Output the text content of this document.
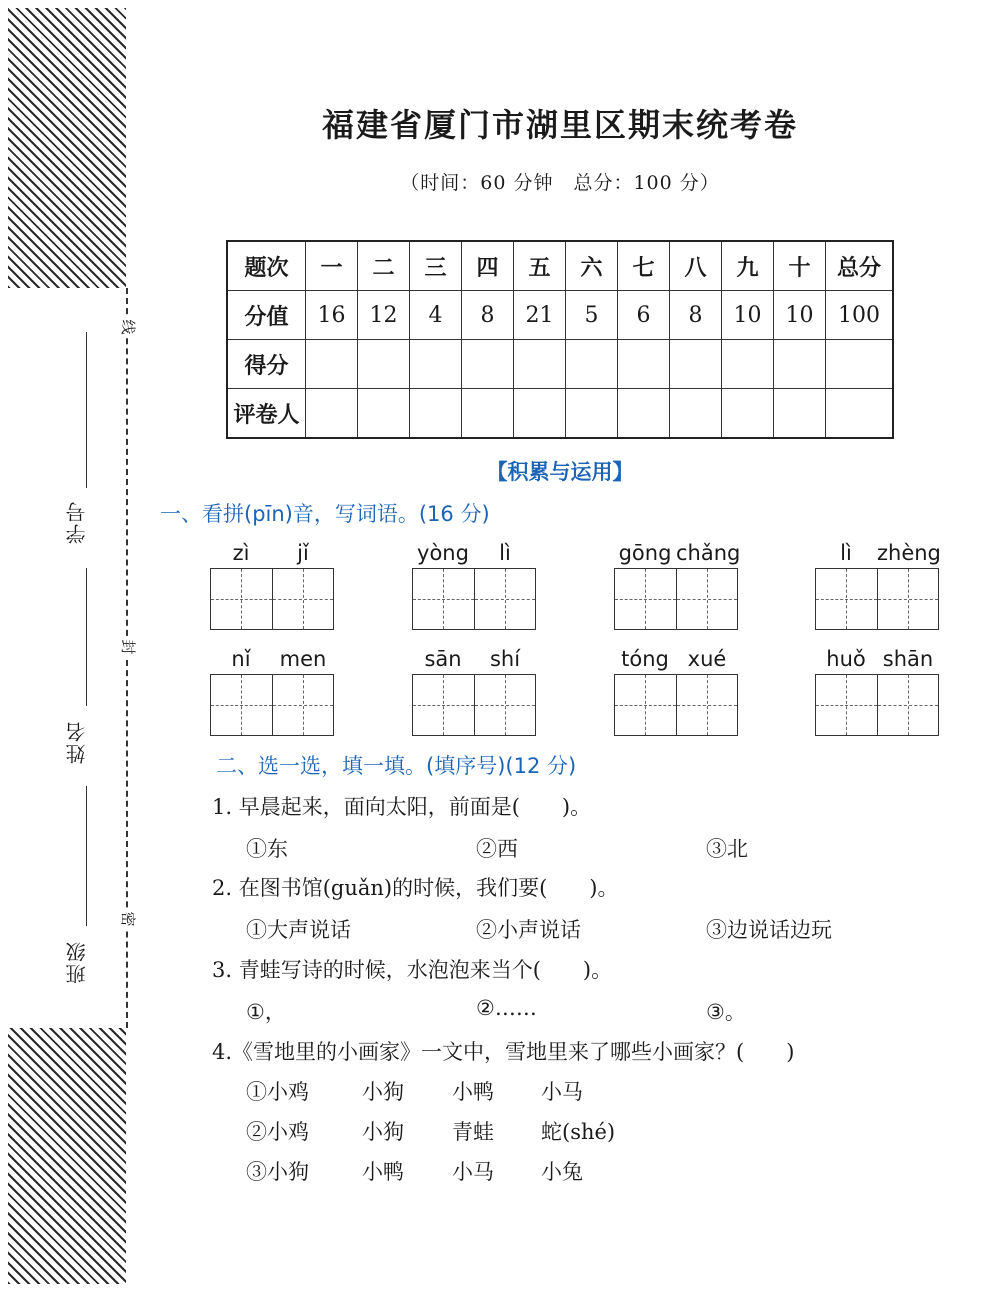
线
封
密
学号
姓名
班级
福建省厦门市湖里区期末统考卷
（时间：60 分钟　总分：100 分）
题次	一	二	三	四	五	六	七	八	九	十	总分
分值	16	12	4	8	21	5	6	8	10	10	100
得分											
评卷人											
【积累与运用】
一、看拼(pīn)音，写词语。(16 分)
zì	jǐ	yòng	lì	gōng chǎng	lì	zhèng
nǐ	men	sān	shí	tóng xué	huǒ shān
二、选一选，填一填。(填序号)(12 分)
1. 早晨起来，面向太阳，前面是(　　)。
①东	②西	③北
2. 在图书馆(guǎn)的时候，我们要(　　)。
①大声说话	②小声说话	③边说话边玩
3. 青蛙写诗的时候，水泡泡来当个(　　)。
①，	②……	③。
4.《雪地里的小画家》一文中，雪地里来了哪些小画家？(　　)
①小鸡	小狗 小鸭 小马
②小鸡	小狗 青蛙 蛇(shé)
③小狗	小鸭 小马 小兔
